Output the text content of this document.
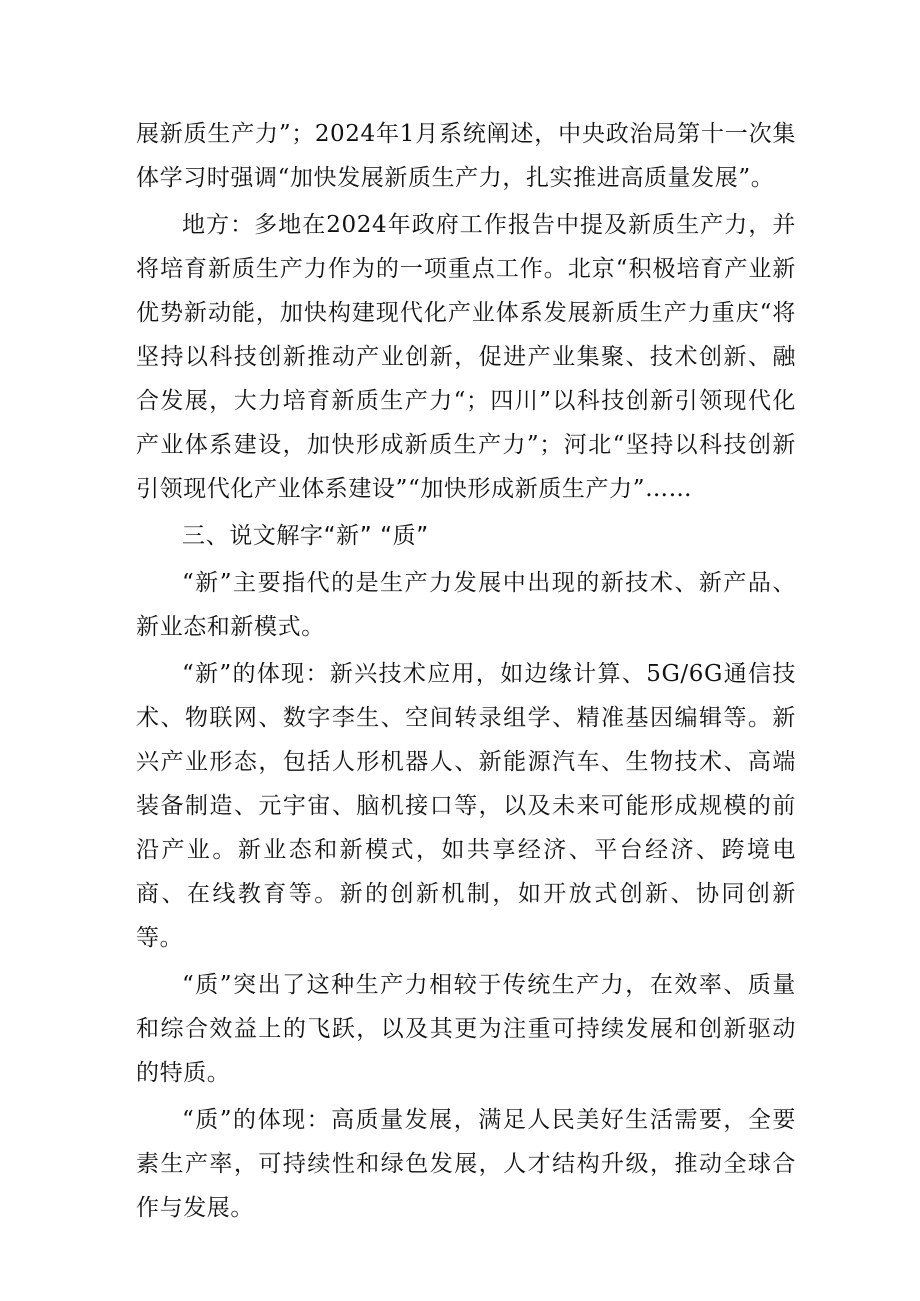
展新质生产力”；2024年1月系统阐述，中央政治局第十一次集体学习时强调“加快发展新质生产力，扎实推进高质量发展”。

地方：多地在2024年政府工作报告中提及新质生产力，并将培育新质生产力作为的一项重点工作。北京“积极培育产业新优势新动能，加快构建现代化产业体系发展新质生产力重庆“将坚持以科技创新推动产业创新，促进产业集聚、技术创新、融合发展，大力培育新质生产力“；四川”以科技创新引领现代化产业体系建设，加快形成新质生产力”；河北“坚持以科技创新引领现代化产业体系建设”“加快形成新质生产力”……

三、说文解字“新” “质”

“新”主要指代的是生产力发展中出现的新技术、新产品、新业态和新模式。

“新”的体现：新兴技术应用，如边缘计算、5G/6G通信技术、物联网、数字李生、空间转录组学、精准基因编辑等。新兴产业形态，包括人形机器人、新能源汽车、生物技术、高端装备制造、元宇宙、脑机接口等，以及未来可能形成规模的前沿产业。新业态和新模式，如共享经济、平台经济、跨境电商、在线教育等。新的创新机制，如开放式创新、协同创新等。

“质”突出了这种生产力相较于传统生产力，在效率、质量和综合效益上的飞跃，以及其更为注重可持续发展和创新驱动的特质。

“质”的体现：高质量发展，满足人民美好生活需要，全要素生产率，可持续性和绿色发展，人才结构升级，推动全球合作与发展。
